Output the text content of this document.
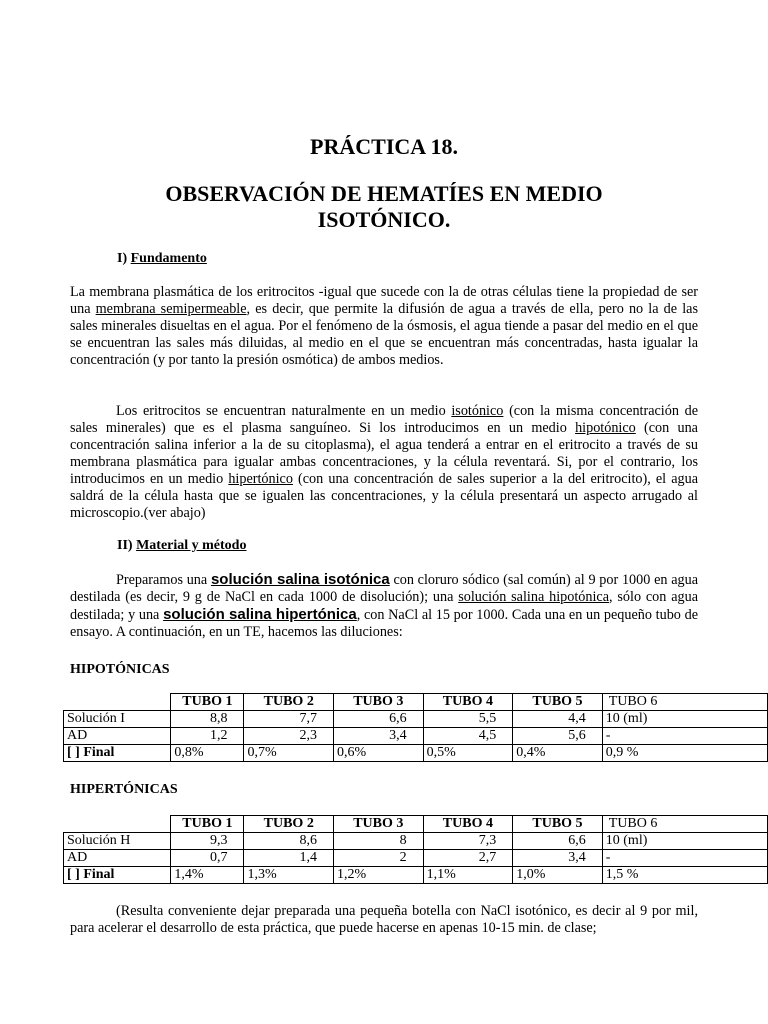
PRÁCTICA 18.
OBSERVACIÓN DE HEMATÍES EN MEDIO
ISOTÓNICO.
I) Fundamento
La membrana plasmática de los eritrocitos -igual que sucede con la de otras células tiene la propiedad de ser una membrana semipermeable, es decir, que permite la difusión de agua a través de ella, pero no la de las sales minerales disueltas en el agua. Por el fenómeno de la ósmosis, el agua tiende a pasar del medio en el que se encuentran las sales más diluidas, al medio en el que se encuentran más concentradas, hasta igualar la concentración (y por tanto la presión osmótica) de ambos medios.
Los eritrocitos se encuentran naturalmente en un medio isotónico (con la misma concentración de sales minerales) que es el plasma sanguíneo. Si los introducimos en un medio hipotónico (con una concentración salina inferior a la de su citoplasma), el agua tenderá a entrar en el eritrocito a través de su membrana plasmática para igualar ambas concentraciones, y la célula reventará. Si, por el contrario, los introducimos en un medio hipertónico (con una concentración de sales superior a la del eritrocito), el agua saldrá de la célula hasta que se igualen las concentraciones, y la célula presentará un aspecto arrugado al microscopio.(ver abajo)
II) Material y método
Preparamos una solución salina isotónica con cloruro sódico (sal común) al 9 por 1000 en agua destilada (es decir, 9 g de NaCl en cada 1000 de disolución); una solución salina hipotónica, sólo con agua destilada; y una solución salina hipertónica, con NaCl al 15 por 1000. Cada una en un pequeño tubo de ensayo. A continuación, en un TE, hacemos las diluciones:
HIPOTÓNICAS
	TUBO 1	TUBO 2	TUBO 3	TUBO 4	TUBO 5	TUBO 6
Solución I	8,8	7,7	6,6	5,5	4,4	10 (ml)
AD	1,2	2,3	3,4	4,5	5,6	-
[ ] Final	0,8%	0,7%	0,6%	0,5%	0,4%	0,9 %
HIPERTÓNICAS
	TUBO 1	TUBO 2	TUBO 3	TUBO 4	TUBO 5	TUBO 6
Solución H	9,3	8,6	8	7,3	6,6	10 (ml)
AD	0,7	1,4	2	2,7	3,4	-
[ ] Final	1,4%	1,3%	1,2%	1,1%	1,0%	1,5 %
(Resulta conveniente dejar preparada una pequeña botella con NaCl isotónico, es decir al 9 por mil, para acelerar el desarrollo de esta práctica, que puede hacerse en apenas 10-15 min. de clase;
